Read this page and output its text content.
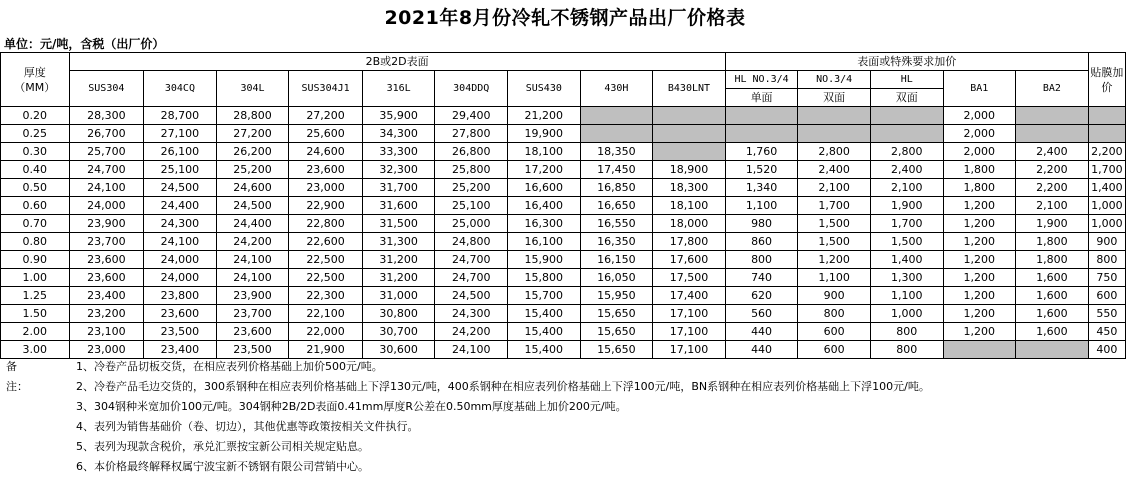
2021年8月份冷轧不锈钢产品出厂价格表
单位：元/吨，含税（出厂价）
厚度
（MM）	2B或2D表面									表面或特殊要求加价					贴膜加价
	SUS304	304CQ	304L	SUS304J1	316L	304DDQ	SUS430	430H	B430LNT	HL NO.3/4	NO.3/4	HL	BA1	BA2	
										单面	双面	双面			
0.20	28,300	28,700	28,800	27,200	35,900	29,400	21,200						2,000		
0.25	26,700	27,100	27,200	25,600	34,300	27,800	19,900						2,000		
0.30	25,700	26,100	26,200	24,600	33,300	26,800	18,100	18,350		1,760	2,800	2,800	2,000	2,400	2,200
0.40	24,700	25,100	25,200	23,600	32,300	25,800	17,200	17,450	18,900	1,520	2,400	2,400	1,800	2,200	1,700
0.50	24,100	24,500	24,600	23,000	31,700	25,200	16,600	16,850	18,300	1,340	2,100	2,100	1,800	2,200	1,400
0.60	24,000	24,400	24,500	22,900	31,600	25,100	16,400	16,650	18,100	1,100	1,700	1,900	1,200	2,100	1,000
0.70	23,900	24,300	24,400	22,800	31,500	25,000	16,300	16,550	18,000	980	1,500	1,700	1,200	1,900	1,000
0.80	23,700	24,100	24,200	22,600	31,300	24,800	16,100	16,350	17,800	860	1,500	1,500	1,200	1,800	900
0.90	23,600	24,000	24,100	22,500	31,200	24,700	15,900	16,150	17,600	800	1,200	1,400	1,200	1,800	800
1.00	23,600	24,000	24,100	22,500	31,200	24,700	15,800	16,050	17,500	740	1,100	1,300	1,200	1,600	750
1.25	23,400	23,800	23,900	22,300	31,000	24,500	15,700	15,950	17,400	620	900	1,100	1,200	1,600	600
1.50	23,200	23,600	23,700	22,100	30,800	24,300	15,400	15,650	17,100	560	800	1,000	1,200	1,600	550
2.00	23,100	23,500	23,600	22,000	30,700	24,200	15,400	15,650	17,100	440	600	800	1,200	1,600	450
3.00	23,000	23,400	23,500	21,900	30,600	24,100	15,400	15,650	17,100	440	600	800			400
备 注：
1、冷卷产品切板交货，在相应表列价格基础上加价500元/吨。
2、冷卷产品毛边交货的，300系钢种在相应表列价格基础上下浮130元/吨，400系钢种在相应表列价格基础上下浮100元/吨，BN系钢种在相应表列价格基础上下浮100元/吨。
3、304钢种米宽加价100元/吨。304钢种2B/2D表面0.41mm厚度R公差在0.50mm厚度基础上加价200元/吨。
4、表列为销售基础价（卷、切边），其他优惠等政策按相关文件执行。
5、表列为现款含税价，承兑汇票按宝新公司相关规定贴息。
6、本价格最终解释权属宁波宝新不锈钢有限公司营销中心。
